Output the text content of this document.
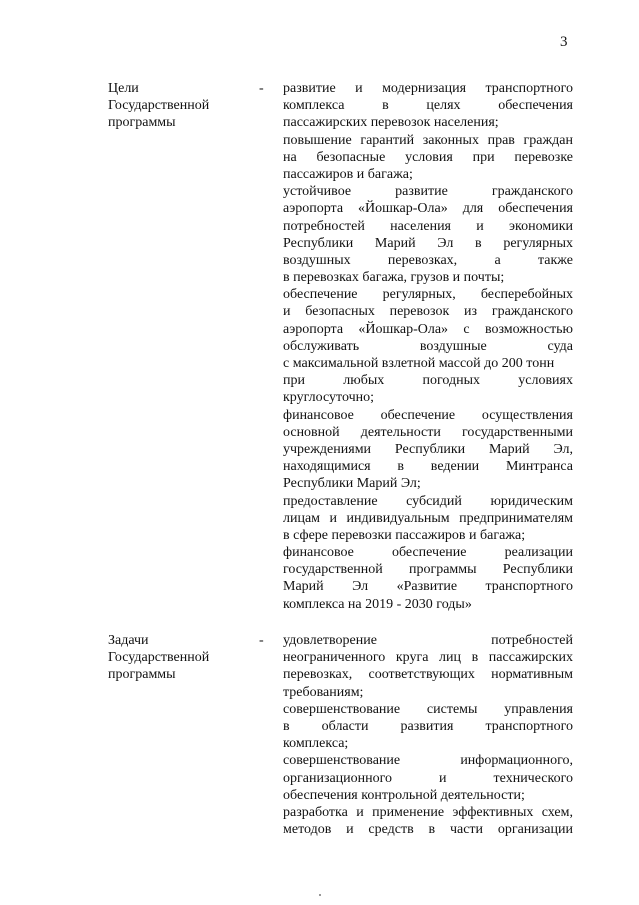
3
Цели
Государственной
программы
- развитие и модернизация транспортного
комплекса в целях обеспечения
пассажирских перевозок населения;
повышение гарантий законных прав граждан
на безопасные условия при перевозке
пассажиров и багажа;
устойчивое развитие гражданского
аэропорта «Йошкар-Ола» для обеспечения
потребностей населения и экономики
Республики Марий Эл в регулярных
воздушных перевозках, а также
в перевозках багажа, грузов и почты;
обеспечение регулярных, бесперебойных
и безопасных перевозок из гражданского
аэропорта «Йошкар-Ола» с возможностью
обслуживать воздушные суда
с максимальной взлетной массой до 200 тонн
при любых погодных условиях
круглосуточно;
финансовое обеспечение осуществления
основной деятельности государственными
учреждениями Республики Марий Эл,
находящимися в ведении Минтранса
Республики Марий Эл;
предоставление субсидий юридическим
лицам и индивидуальным предпринимателям
в сфере перевозки пассажиров и багажа;
финансовое обеспечение реализации
государственной программы Республики
Марий Эл «Развитие транспортного
комплекса на 2019 - 2030 годы»
Задачи
Государственной
программы
- удовлетворение потребностей
неограниченного круга лиц в пассажирских
перевозках, соответствующих нормативным
требованиям;
совершенствование системы управления
в области развития транспортного
комплекса;
совершенствование информационного,
организационного и технического
обеспечения контрольной деятельности;
разработка и применение эффективных схем,
методов и средств в части организации
